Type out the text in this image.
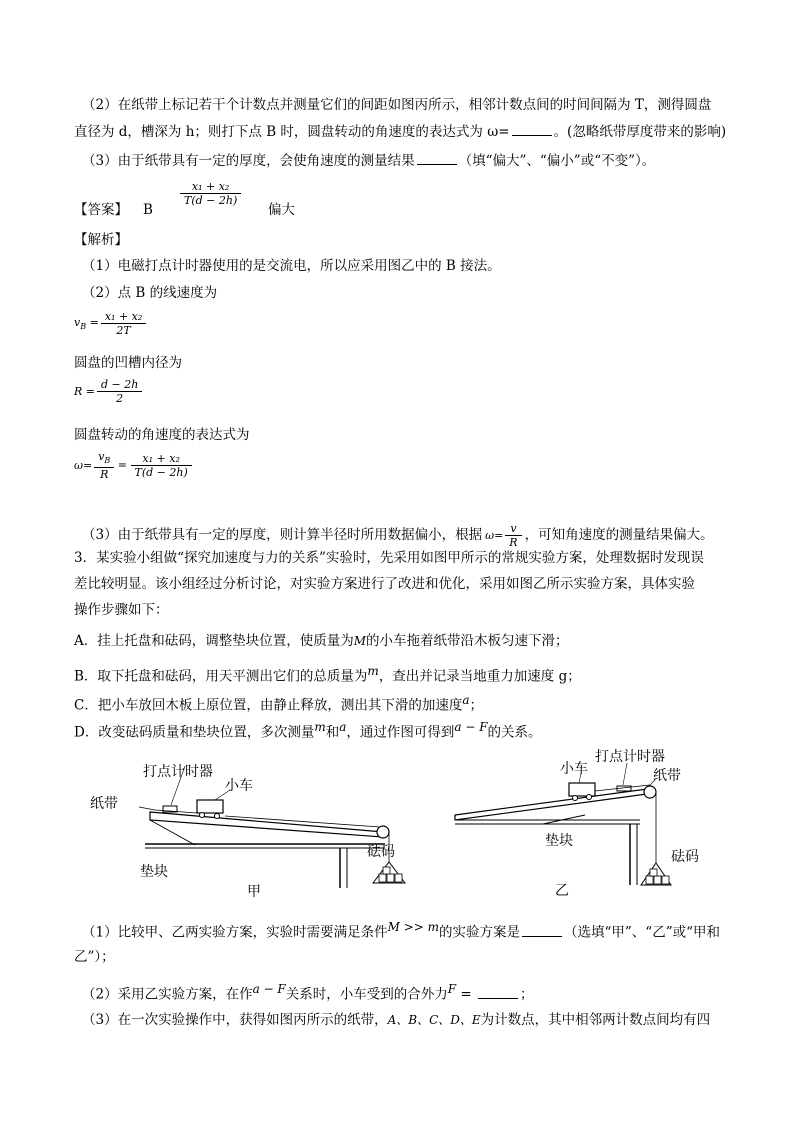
（2）在纸带上标记若干个计数点并测量它们的间距如图丙所示，相邻计数点间的时间间隔为 T，测得圆盘
直径为 d，槽深为 h；则打下点 B 时，圆盘转动的角速度的表达式为 ω=	。(忽略纸带厚度带来的影响)
（3）由于纸带具有一定的厚度，会使角速度的测量结果	（填“偏大”、“偏小”或“不变”）。
【答案】 B
$\frac{\text{x₁ + x₂}}{T(d - 2h)}$
偏大
【解析】
（1）电磁打点计时器使用的是交流电，所以应采用图乙中的 B 接法。
（2）点 B 的线速度为
$v_B = \frac{\text{x₁ + x₂}}{2T}$
圆盘的凹槽内径为
$R = \frac{d - 2h}{2}$
圆盘转动的角速度的表达式为
$\omega= \frac{v_B}{R} = \frac{\text{x₁ + x₂}}{T(d - 2h)}$
（3）由于纸带具有一定的厚度，则计算半径时所用数据偏小，根据 $\omega= \frac{v}{R}$ ，可知角速度的测量结果偏大。
3．某实验小组做“探究加速度与力的关系”实验时，先采用如图甲所示的常规实验方案，处理数据时发现误
差比较明显。该小组经过分析讨论，对实验方案进行了改进和优化，采用如图乙所示实验方案，具体实验
操作步骤如下：
A．挂上托盘和砝码，调整垫块位置，使质量为M的小车拖着纸带沿木板匀速下滑；
B．取下托盘和砝码，用天平测出它们的总质量为$^m$，查出并记录当地重力加速度 g；
C．把小车放回木板上原位置，由静止释放，测出其下滑的加速度$^a$；
D．改变砝码质量和垫块位置，多次测量$^m$和$^a$，通过作图可得到$^{a - F}$的关系。
打点计时器
小车
纸带
垫块
砝码
甲
打点计时器
小车	纸带
垫块
砝码
乙
（1）比较甲、乙两实验方案，实验时需要满足条件$^{M >> m}$的实验方案是	（选填“甲”、“乙”或“甲和
乙”）；
（2）采用乙实验方案，在作$^{a - F}$关系时，小车受到的合外力$^F$ =	；
（3）在一次实验操作中，获得如图丙所示的纸带，A、B、C、D、E为计数点，其中相邻两计数点间均有四
